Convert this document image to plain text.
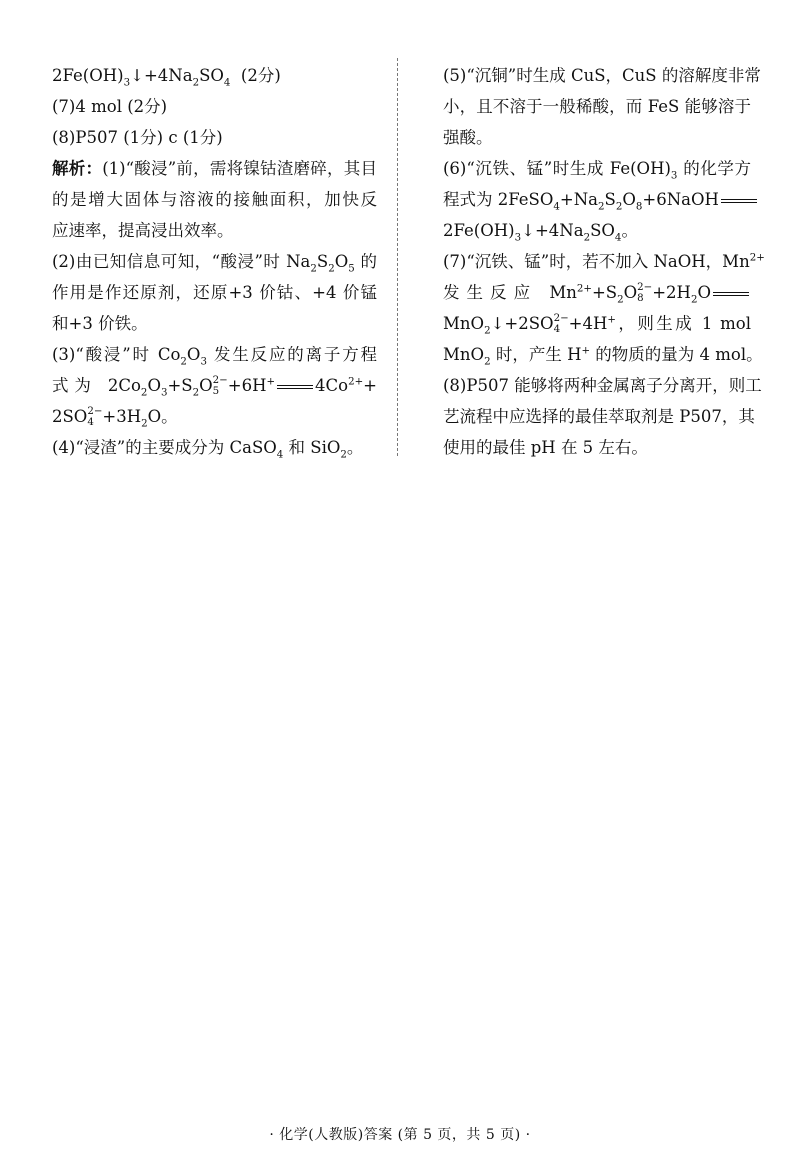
$2Fe(OH)_3↓+4Na_2SO_4$  (2分)
(7)4 mol (2分)
(8)P507 (1分) c (1分)
解析：(1)“酸浸”前，需将镍钴渣磨碎，其目
的是增大固体与溶液的接触面积，加快反
应速率，提高浸出效率。
(2)由已知信息可知，“酸浸”时 $Na_2S_2O_5$ 的
作用是作还原剂，还原+3 价钴、+4 价锰
和+3 价铁。
(3)“酸浸”时 $Co_2O_3$ 发生反应的离子方程
式为 $2Co_2O_3+S_2O$ 2−
5 +6H+ $4Co^{2+}+$
2SO 2−
$4 +3H_2O$。
(4)“浸渣”的主要成分为 CaSO$_4$ 和 SiO$_2$。
(5)“沉铜”时生成 CuS，CuS 的溶解度非常
小，且不溶于一般稀酸，而 FeS 能够溶于
强酸。
(6)“沉铁、锰”时生成 $Fe(OH)_3$ 的化学方
程式为 $2FeSO_4+Na_2S_2O_8+6NaOH$
$2Fe(OH)_3↓+4Na_2SO_4$。
(7)“沉铁、锰”时，若不加入 NaOH，$Mn^{2+}$
发生反应 $Mn^{2+}+S_2O$ 2−
$8 +2H_2O$
MnO$_2$↓+2SO 2−
4 +4H+，则生成 1 mol
MnO$_2$ 时，产生 H+ 的物质的量为 4 mol。
(8)P507 能够将两种金属离子分离开，则工
艺流程中应选择的最佳萃取剂是 P507，其
使用的最佳 pH 在 5 左右。
· 化学(人教版)答案 (第 5 页，共 5 页) ·
